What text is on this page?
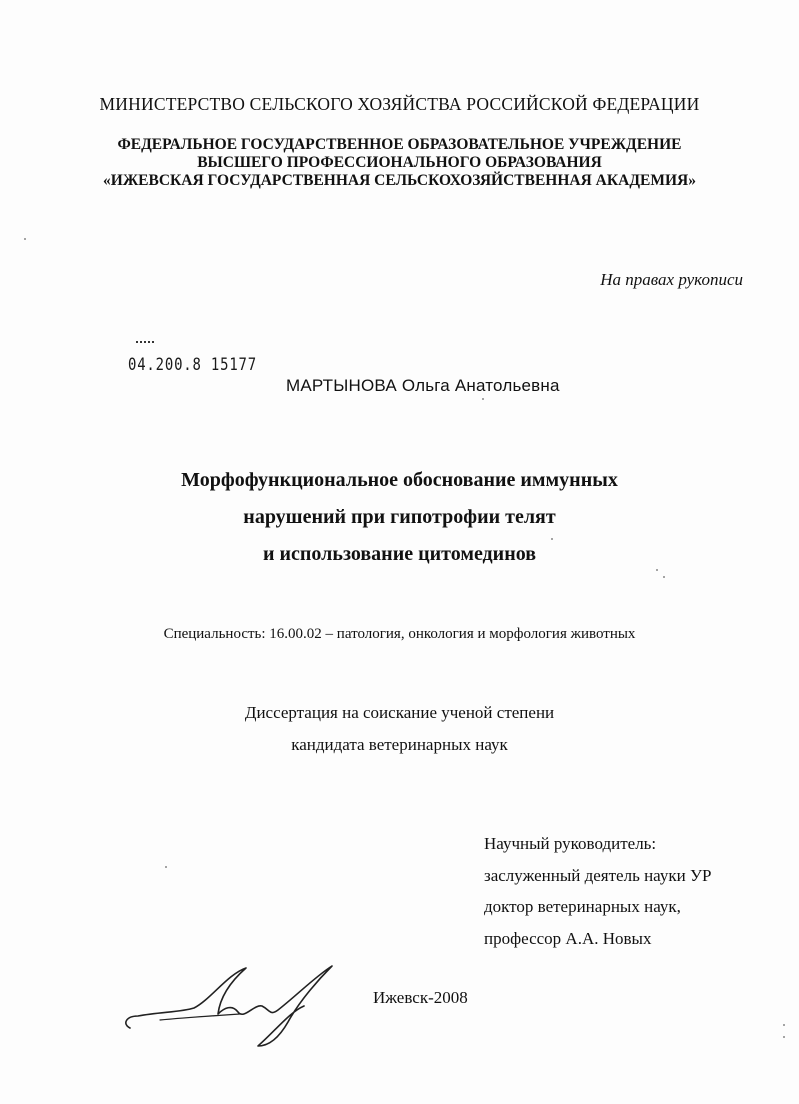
МИНИСТЕРСТВО СЕЛЬСКОГО ХОЗЯЙСТВА РОССИЙСКОЙ ФЕДЕРАЦИИ
ФЕДЕРАЛЬНОЕ ГОСУДАРСТВЕННОЕ ОБРАЗОВАТЕЛЬНОЕ УЧРЕЖДЕНИЕ
ВЫСШЕГО ПРОФЕССИОНАЛЬНОГО ОБРАЗОВАНИЯ
«ИЖЕВСКАЯ ГОСУДАРСТВЕННАЯ СЕЛЬСКОХОЗЯЙСТВЕННАЯ АКАДЕМИЯ»
На правах рукописи
04.200.8 15177
МАРТЫНОВА Ольга Анатольевна
Морфофункциональное обоснование иммунных
нарушений при гипотрофии телят
и использование цитомединов
Специальность: 16.00.02 – патология, онкология и морфология животных
Диссертация на соискание ученой степени
кандидата ветеринарных наук
Научный руководитель:
заслуженный деятель науки УР
доктор ветеринарных наук,
профессор А.А. Новых
Ижевск-2008
